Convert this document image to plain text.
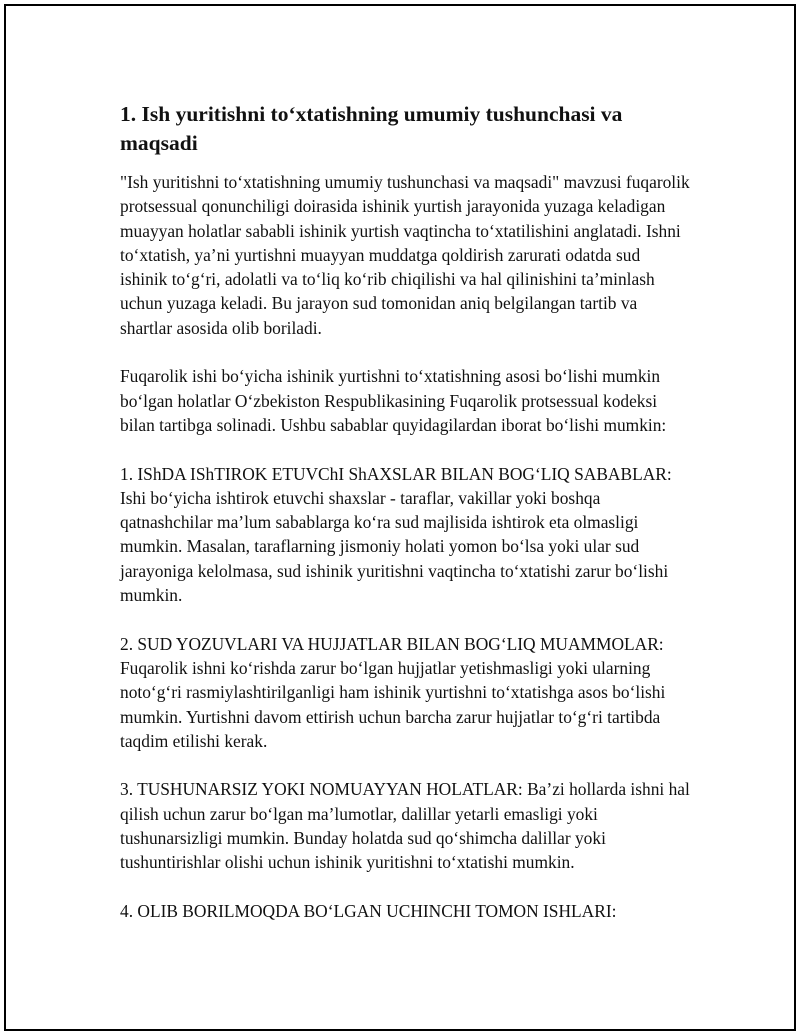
1. Ish yuritishni to‘xtatishning umumiy tushunchasi va maqsadi

"Ish yuritishni to‘xtatishning umumiy tushunchasi va maqsadi" mavzusi fuqarolik protsessual qonunchiligi doirasida ishinik yurtish jarayonida yuzaga keladigan muayyan holatlar sababli ishinik yurtish vaqtincha to‘xtatilishini anglatadi. Ishni to‘xtatish, ya’ni yurtishni muayyan muddatga qoldirish zarurati odatda sud ishinik to‘g‘ri, adolatli va to‘liq ko‘rib chiqilishi va hal qilinishini ta’minlash uchun yuzaga keladi. Bu jarayon sud tomonidan aniq belgilangan tartib va shartlar asosida olib boriladi.

Fuqarolik ishi bo‘yicha ishinik yurtishni to‘xtatishning asosi bo‘lishi mumkin bo‘lgan holatlar O‘zbekiston Respublikasining Fuqarolik protsessual kodeksi bilan tartibga solinadi. Ushbu sabablar quyidagilardan iborat bo‘lishi mumkin:

1. IShDA IShTIROK ETUVChI ShAXSLAR BILAN BOG‘LIQ SABABLAR: Ishi bo‘yicha ishtirok etuvchi shaxslar - taraflar, vakillar yoki boshqa qatnashchilar ma’lum sabablarga ko‘ra sud majlisida ishtirok eta olmasligi mumkin. Masalan, taraflarning jismoniy holati yomon bo‘lsa yoki ular sud jarayoniga kelolmasa, sud ishinik yuritishni vaqtincha to‘xtatishi zarur bo‘lishi mumkin.

2. SUD YOZUVLARI VA HUJJATLAR BILAN BOG‘LIQ MUAMMOLAR: Fuqarolik ishni ko‘rishda zarur bo‘lgan hujjatlar yetishmasligi yoki ularning noto‘g‘ri rasmiylashtirilganligi ham ishinik yurtishni to‘xtatishga asos bo‘lishi mumkin. Yurtishni davom ettirish uchun barcha zarur hujjatlar to‘g‘ri tartibda taqdim etilishi kerak.

3. TUSHUNARSIZ YOKI NOMUAYYAN HOLATLAR: Ba’zi hollarda ishni hal qilish uchun zarur bo‘lgan ma’lumotlar, dalillar yetarli emasligi yoki tushunarsizligi mumkin. Bunday holatda sud qo‘shimcha dalillar yoki tushuntirishlar olishi uchun ishinik yuritishni to‘xtatishi mumkin.

4. OLIB BORILMOQDA BO‘LGAN UCHINCHI TOMON ISHLARI:
